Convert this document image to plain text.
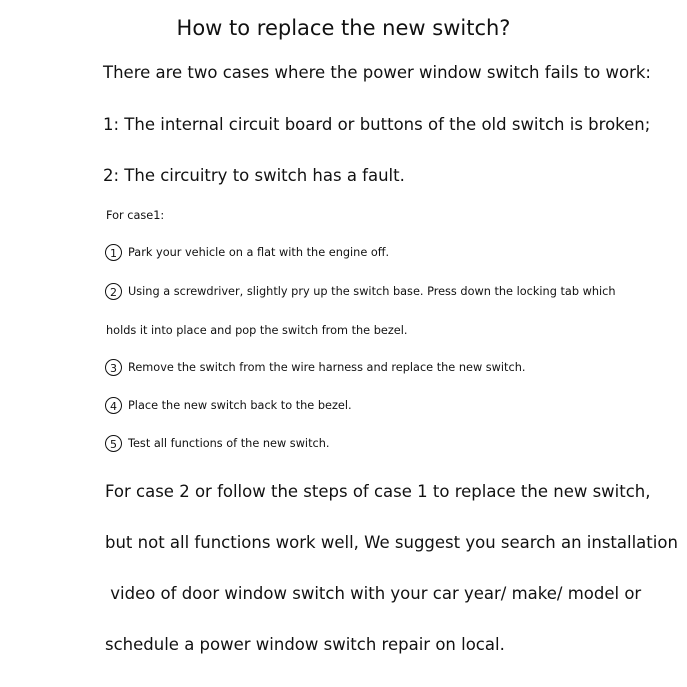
How to replace the new switch?
There are two cases where the power window switch fails to work:
1: The internal circuit board or buttons of the old switch is broken;
2: The circuitry to switch has a fault.
For case1:
1 Park your vehicle on a flat with the engine off.
2 Using a screwdriver, slightly pry up the switch base. Press down the locking tab which
holds it into place and pop the switch from the bezel.
3 Remove the switch from the wire harness and replace the new switch.
4 Place the new switch back to the bezel.
5 Test all functions of the new switch.
For case 2 or follow the steps of case 1 to replace the new switch,
but not all functions work well, We suggest you search an installation
video of door window switch with your car year/ make/ model or
schedule a power window switch repair on local.
